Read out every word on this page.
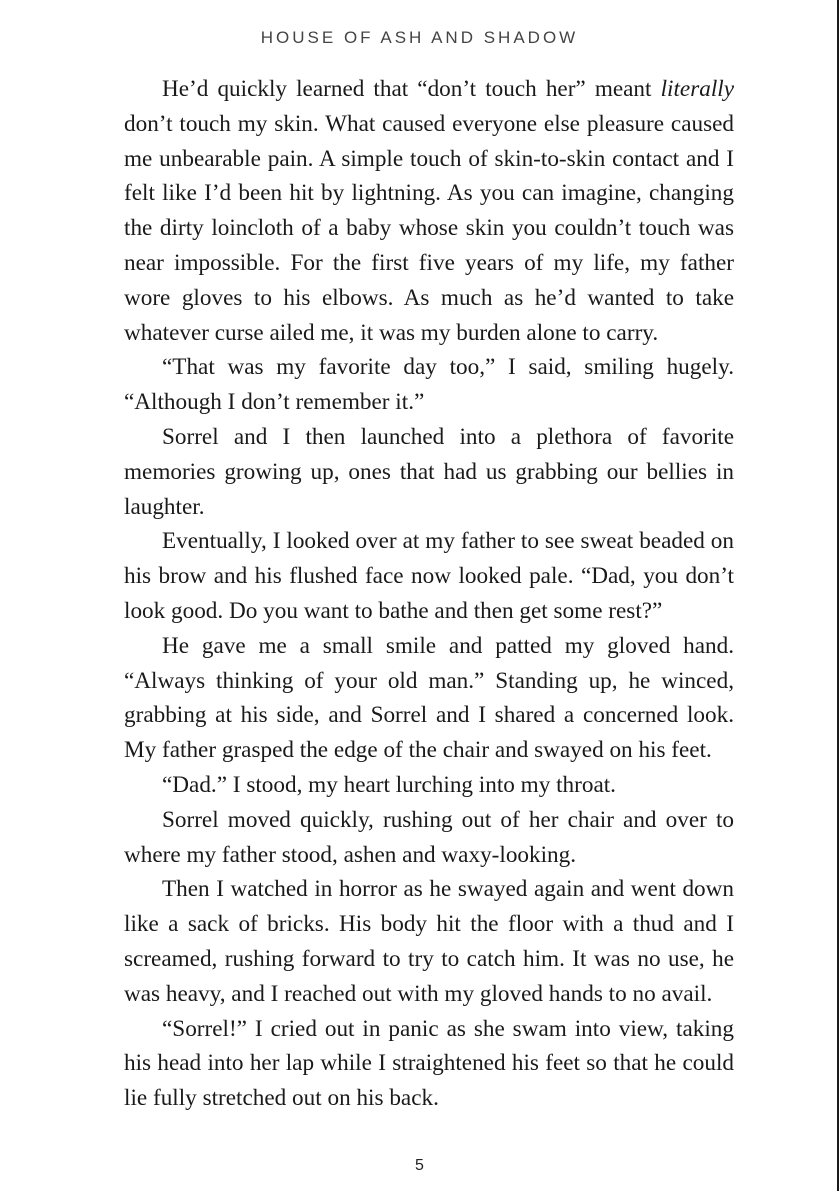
HOUSE OF ASH AND SHADOW

He’d quickly learned that “don’t touch her” meant literally don’t touch my skin. What caused everyone else pleasure caused me unbearable pain. A simple touch of skin-to-skin contact and I felt like I’d been hit by lightning. As you can imagine, changing the dirty loincloth of a baby whose skin you couldn’t touch was near impossible. For the first five years of my life, my father wore gloves to his elbows. As much as he’d wanted to take whatever curse ailed me, it was my burden alone to carry.

“That was my favorite day too,” I said, smiling hugely. “Although I don’t remember it.”

Sorrel and I then launched into a plethora of favorite memories growing up, ones that had us grabbing our bellies in laughter.

Eventually, I looked over at my father to see sweat beaded on his brow and his flushed face now looked pale. “Dad, you don’t look good. Do you want to bathe and then get some rest?”

He gave me a small smile and patted my gloved hand. “Always thinking of your old man.” Standing up, he winced, grabbing at his side, and Sorrel and I shared a concerned look. My father grasped the edge of the chair and swayed on his feet.

“Dad.” I stood, my heart lurching into my throat.

Sorrel moved quickly, rushing out of her chair and over to where my father stood, ashen and waxy-looking.

Then I watched in horror as he swayed again and went down like a sack of bricks. His body hit the floor with a thud and I screamed, rushing forward to try to catch him. It was no use, he was heavy, and I reached out with my gloved hands to no avail.

“Sorrel!” I cried out in panic as she swam into view, taking his head into her lap while I straightened his feet so that he could lie fully stretched out on his back.

5
